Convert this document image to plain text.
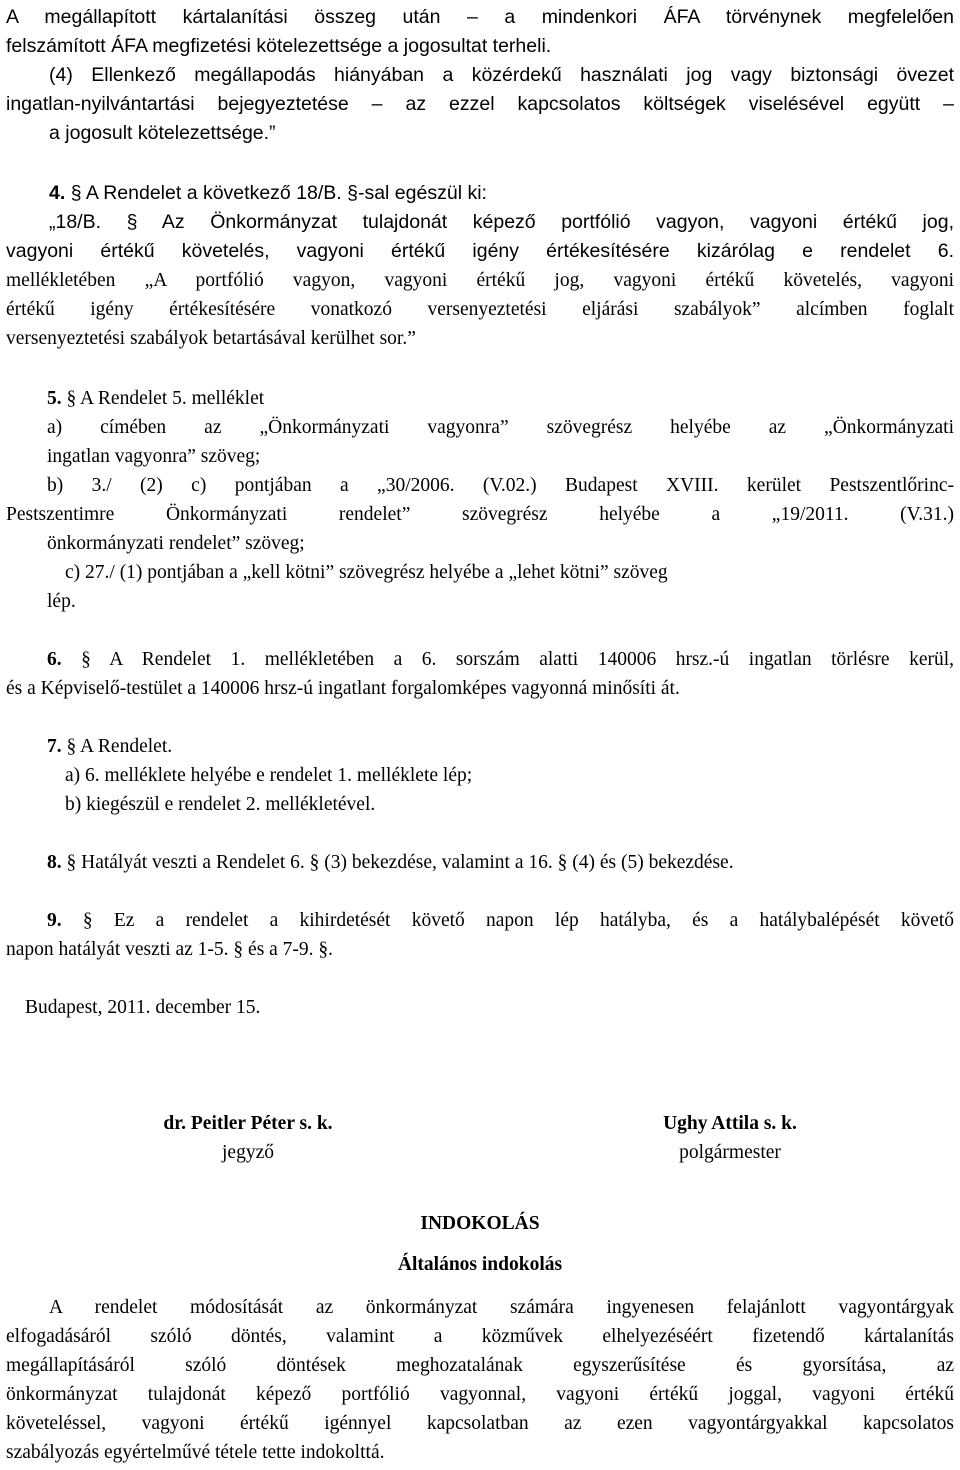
A megállapított kártalanítási összeg után – a mindenkori ÁFA törvénynek megfelelően
felszámított ÁFA megfizetési kötelezettsége a jogosultat terheli.
(4) Ellenkező megállapodás hiányában a közérdekű használati jog vagy biztonsági övezet
ingatlan-nyilvántartási bejegyeztetése – az ezzel kapcsolatos költségek viselésével együtt –
a jogosult kötelezettsége.”
4. § A Rendelet a következő 18/B. §-sal egészül ki:
„18/B. § Az Önkormányzat tulajdonát képező portfólió vagyon, vagyoni értékű jog,
vagyoni értékű követelés, vagyoni értékű igény értékesítésére kizárólag e rendelet 6.
mellékletében „A portfólió vagyon, vagyoni értékű jog, vagyoni értékű követelés, vagyoni
értékű igény értékesítésére vonatkozó versenyeztetési eljárási szabályok” alcímben foglalt
versenyeztetési szabályok betartásával kerülhet sor.”
5. § A Rendelet 5. melléklet
a) címében az „Önkormányzati vagyonra” szövegrész helyébe az „Önkormányzati
ingatlan vagyonra” szöveg;
b) 3./ (2) c) pontjában a „30/2006. (V.02.) Budapest XVIII. kerület Pestszentlőrinc-
Pestszentimre Önkormányzati rendelet” szövegrész helyébe a „19/2011. (V.31.)
önkormányzati rendelet” szöveg;
c) 27./ (1) pontjában a „kell kötni” szövegrész helyébe a „lehet kötni” szöveg
lép.
6. § A Rendelet 1. mellékletében a 6. sorszám alatti 140006 hrsz.-ú ingatlan törlésre kerül,
és a Képviselő-testület a 140006 hrsz-ú ingatlant forgalomképes vagyonná minősíti át.
7. § A Rendelet.
a) 6. melléklete helyébe e rendelet 1. melléklete lép;
b) kiegészül e rendelet 2. mellékletével.
8. § Hatályát veszti a Rendelet 6. § (3) bekezdése, valamint a 16. § (4) és (5) bekezdése.
9. § Ez a rendelet a kihirdetését követő napon lép hatályba, és a hatálybalépését követő
napon hatályát veszti az 1-5. § és a 7-9. §.
Budapest, 2011. december 15.
dr. Peitler Péter s. k.
jegyző
Ughy Attila s. k.
polgármester
INDOKOLÁS
Általános indokolás
A rendelet módosítását az önkormányzat számára ingyenesen felajánlott vagyontárgyak
elfogadásáról szóló döntés, valamint a közművek elhelyezéséért fizetendő kártalanítás
megállapításáról szóló döntések meghozatalának egyszerűsítése és gyorsítása, az
önkormányzat tulajdonát képező portfólió vagyonnal, vagyoni értékű joggal, vagyoni értékű
követeléssel, vagyoni értékű igénnyel kapcsolatban az ezen vagyontárgyakkal kapcsolatos
szabályozás egyértelművé tétele tette indokolttá.
